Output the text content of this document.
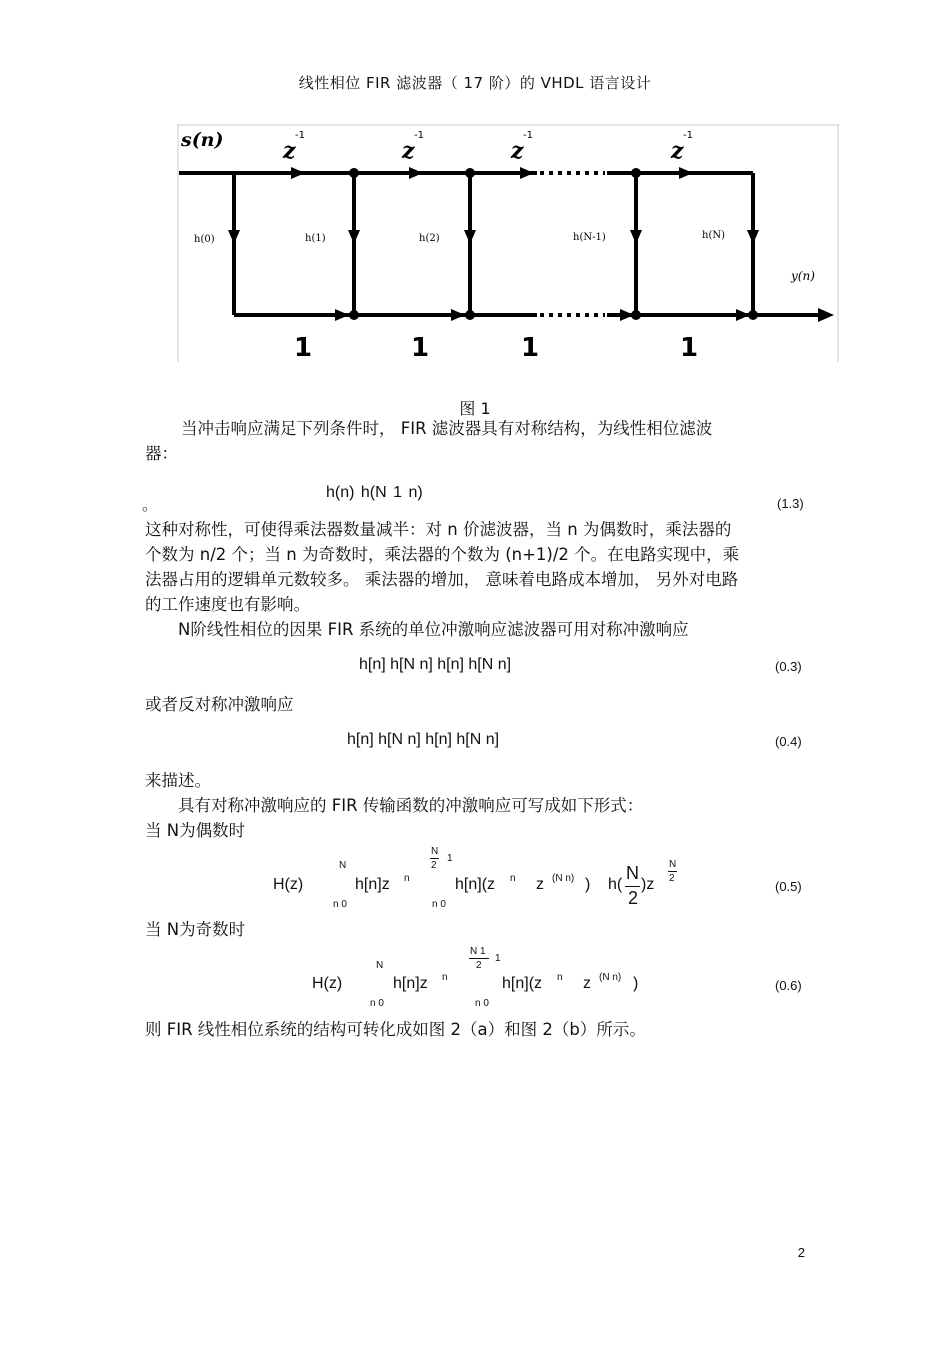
线性相位 FIR 滤波器（ 17 阶）的 VHDL 语言设计
s(n)	z
-1
z
-1
z
-1
z
-1
h(0)	h(1)	h(2)	h(N-1)	h(N)
y(n)
1	1	1	1
图 1
当冲击响应满足下列条件时， FIR 滤波器具有对称结构，为线性相位滤波
器：
。
h(n) h(N 1 n)
(1.3)
这种对称性，可使得乘法器数量减半：对 n 价滤波器，当 n 为偶数时，乘法器的
个数为 n/2 个；当 n 为奇数时，乘法器的个数为 (n+1)/2 个。在电路实现中，乘
法器占用的逻辑单元数较多。 乘法器的增加， 意味着电路成本增加， 另外对电路
的工作速度也有影响。
N阶线性相位的因果 FIR 系统的单位冲激响应滤波器可用对称冲激响应
h[n] h[N n] h[n] h[N n]	(0.3)
或者反对称冲激响应
h[n] h[N n] h[n] h[N n]	(0.4)
来描述。
具有对称冲激响应的 FIR 传输函数的冲激响应可写成如下形式：
当 N为偶数时
H(z)
N
n 0
h[n]z n
N
2
1
n 0
h[n](z n z (N n) ) h(
N
2
)z
N
2
(0.5)
当 N为奇数时
H(z)
N
n 0
h[n]z n
N 1
2
1
n 0
h[n](z n z (N n) )	(0.6)
则 FIR 线性相位系统的结构可转化成如图 2（a）和图 2（b）所示。
2
